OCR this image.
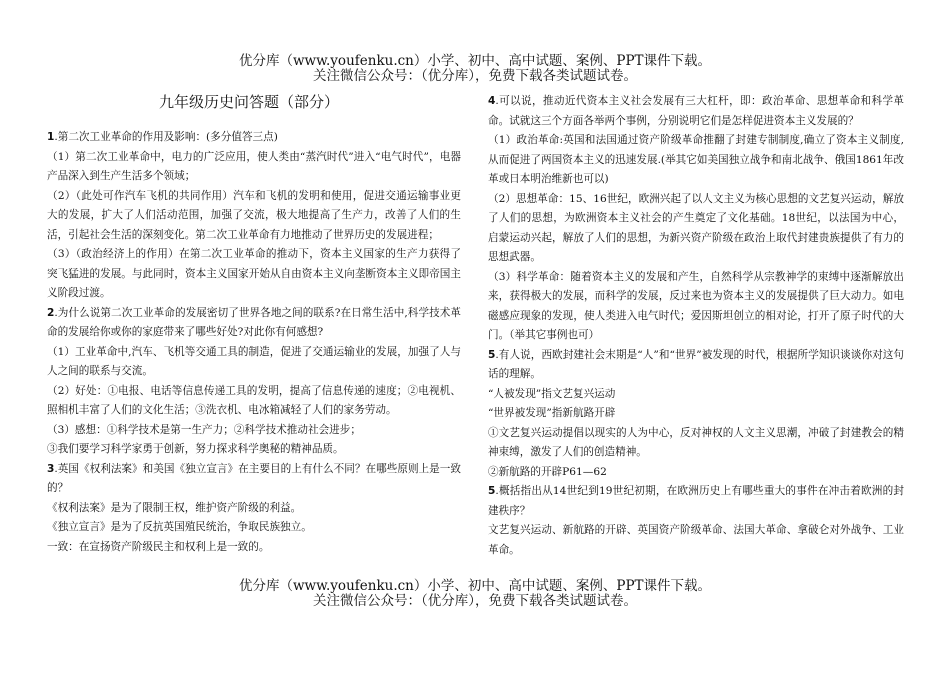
优分库（www.youfenku.cn）小学、初中、高中试题、案例、PPT课件下载。
关注微信公众号：（优分库），免费下载各类试题试卷。
九年级历史问答题（部分）

1.第二次工业革命的作用及影响：(多分值答三点)

（1）第二次工业革命中，电力的广泛应用，使人类由“蒸汽时代”进入“电气时代”，电器产品深入到生产生活多个领域；

（2）（此处可作汽车飞机的共同作用）汽车和飞机的发明和使用，促进交通运输事业更大的发展，扩大了人们活动范围，加强了交流，极大地提高了生产力，改善了人们的生活，引起社会生活的深刻变化。第二次工业革命有力地推动了世界历史的发展进程；

（3）（政治经济上的作用）在第二次工业革命的推动下，资本主义国家的生产力获得了突飞猛进的发展。与此同时，资本主义国家开始从自由资本主义向垄断资本主义即帝国主义阶段过渡。

2.为什么说第二次工业革命的发展密切了世界各地之间的联系?在日常生活中,科学技术革命的发展给你或你的家庭带来了哪些好处?对此你有何感想?

（1）工业革命中,汽车、飞机等交通工具的制造，促进了交通运输业的发展，加强了人与人之间的联系与交流。

（2）好处：①电报、电话等信息传递工具的发明，提高了信息传递的速度；②电视机、照相机丰富了人们的文化生活；③洗衣机、电冰箱减轻了人们的家务劳动。

（3）感想：①科学技术是第一生产力；②科学技术推动社会进步；

③我们要学习科学家勇于创新，努力探求科学奥秘的精神品质。

3.英国《权利法案》和美国《独立宣言》在主要目的上有什么不同？在哪些原则上是一致的？

《权利法案》是为了限制王权，维护资产阶级的利益。

《独立宣言》是为了反抗英国殖民统治，争取民族独立。

一致：在宣扬资产阶级民主和权利上是一致的。

4.可以说，推动近代资本主义社会发展有三大杠杆，即：政治革命、思想革命和科学革命。试就这三个方面各举两个事例，分别说明它们是怎样促进资本主义发展的？

（1）政治革命:英国和法国通过资产阶级革命推翻了封建专制制度,确立了资本主义制度,从而促进了两国资本主义的迅速发展.(举其它如美国独立战争和南北战争、俄国1861年改革或日本明治维新也可以)

（2）思想革命：15、16世纪，欧洲兴起了以人文主义为核心思想的文艺复兴运动，解放了人们的思想，为欧洲资本主义社会的产生奠定了文化基础。18世纪，以法国为中心，启蒙运动兴起，解放了人们的思想，为新兴资产阶级在政治上取代封建贵族提供了有力的思想武器。

（3）科学革命：随着资本主义的发展和产生，自然科学从宗教神学的束缚中逐渐解放出来，获得极大的发展，而科学的发展，反过来也为资本主义的发展提供了巨大动力。如电磁感应现象的发现，使人类进入电气时代；爱因斯坦创立的相对论，打开了原子时代的大门。（举其它事例也可）

5.有人说，西欧封建社会末期是“人”和“世界”被发现的时代，根据所学知识谈谈你对这句话的理解。

“人被发现”指文艺复兴运动

“世界被发现”指新航路开辟

①文艺复兴运动提倡以现实的人为中心，反对神权的人文主义思潮，冲破了封建教会的精神束缚，激发了人们的创造精神。

②新航路的开辟P61—62

5.概括指出从14世纪到19世纪初期，在欧洲历史上有哪些重大的事件在冲击着欧洲的封建秩序？

文艺复兴运动、新航路的开辟、英国资产阶级革命、法国大革命、拿破仑对外战争、工业革命。

优分库（www.youfenku.cn）小学、初中、高中试题、案例、PPT课件下载。
关注微信公众号：（优分库），免费下载各类试题试卷。
